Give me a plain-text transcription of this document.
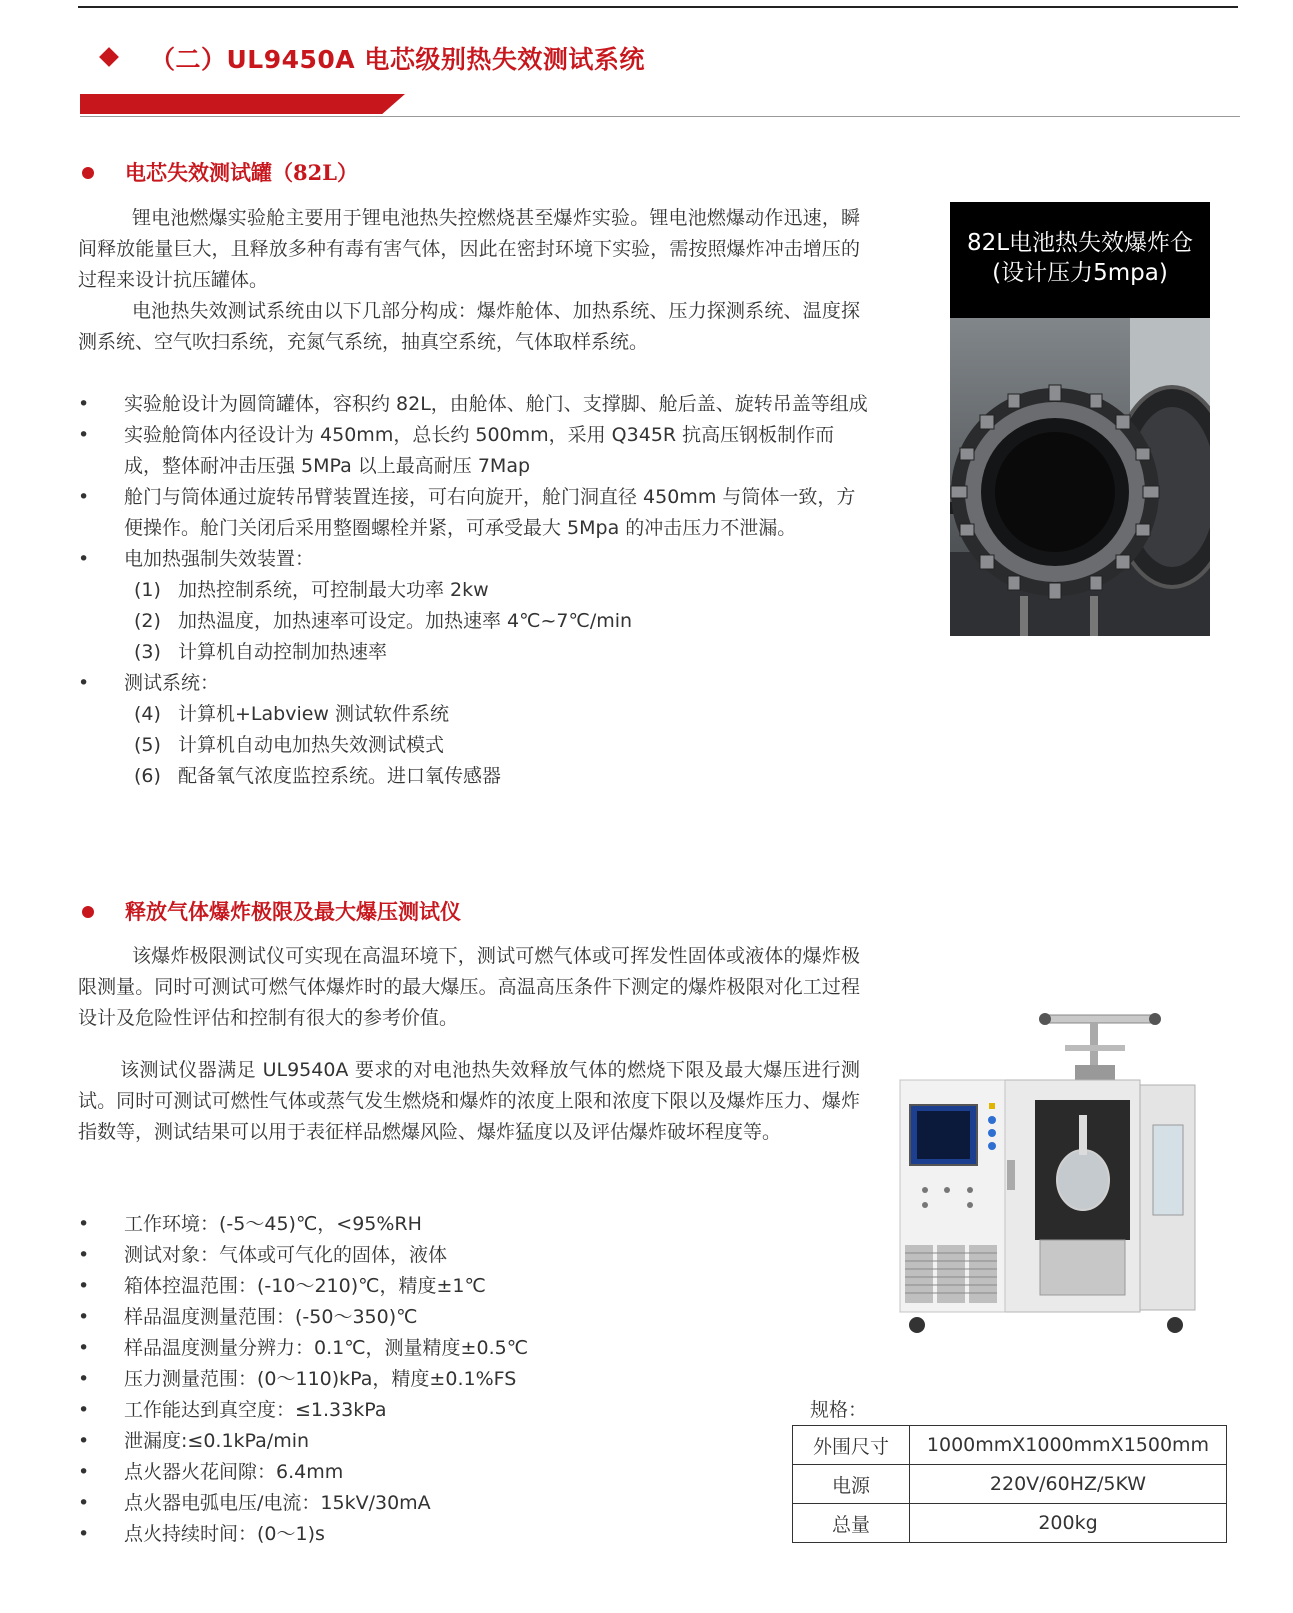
（二）UL9450A 电芯级别热失效测试系统
电芯失效测试罐（82L）

锂电池燃爆实验舱主要用于锂电池热失控燃烧甚至爆炸实验。锂电池燃爆动作迅速，瞬间释放能量巨大，且释放多种有毒有害气体，因此在密封环境下实验，需按照爆炸冲击增压的过程来设计抗压罐体。

电池热失效测试系统由以下几部分构成：爆炸舱体、加热系统、压力探测系统、温度探测系统、空气吹扫系统，充氮气系统，抽真空系统，气体取样系统。

•	实验舱设计为圆筒罐体，容积约 82L，由舱体、舱门、支撑脚、舱后盖、旋转吊盖等组成
•	实验舱筒体内径设计为 450mm，总长约 500mm，采用 Q345R 抗高压钢板制作而成，整体耐冲击压强 5MPa 以上最高耐压 7Map
•	舱门与筒体通过旋转吊臂装置连接，可右向旋开，舱门洞直径 450mm 与筒体一致，方便操作。舱门关闭后采用整圈螺栓并紧，可承受最大 5Mpa 的冲击压力不泄漏。
•	电加热强制失效装置：
(1) 加热控制系统，可控制最大功率 2kw
(2) 加热温度，加热速率可设定。加热速率 4℃~7℃/min
(3) 计算机自动控制加热速率
•	测试系统：
(4) 计算机+Labview 测试软件系统
(5) 计算机自动电加热失效测试模式
(6) 配备氧气浓度监控系统。进口氧传感器
82L电池热失效爆炸仓
(设计压力5mpa)
释放气体爆炸极限及最大爆压测试仪

该爆炸极限测试仪可实现在高温环境下，测试可燃气体或可挥发性固体或液体的爆炸极限测量。同时可测试可燃气体爆炸时的最大爆压。高温高压条件下测定的爆炸极限对化工过程设计及危险性评估和控制有很大的参考价值。

该测试仪器满足 UL9540A 要求的对电池热失效释放气体的燃烧下限及最大爆压进行测试。同时可测试可燃性气体或蒸气发生燃烧和爆炸的浓度上限和浓度下限以及爆炸压力、爆炸指数等，测试结果可以用于表征样品燃爆风险、爆炸猛度以及评估爆炸破坏程度等。

•	工作环境：(-5～45)℃，<95%RH
•	测试对象：气体或可气化的固体，液体
•	箱体控温范围：(-10～210)℃，精度±1℃
•	样品温度测量范围：(-50～350)℃
•	样品温度测量分辨力：0.1℃，测量精度±0.5℃
•	压力测量范围：(0～110)kPa，精度±0.1%FS
•	工作能达到真空度：≤1.33kPa
•	泄漏度:≤0.1kPa/min
•	点火器火花间隙：6.4mm
•	点火器电弧电压/电流：15kV/30mA
•	点火持续时间：(0～1)s
规格：
外围尺寸	1000mmX1000mmX1500mm
电源	220V/60HZ/5KW
总量	200kg
